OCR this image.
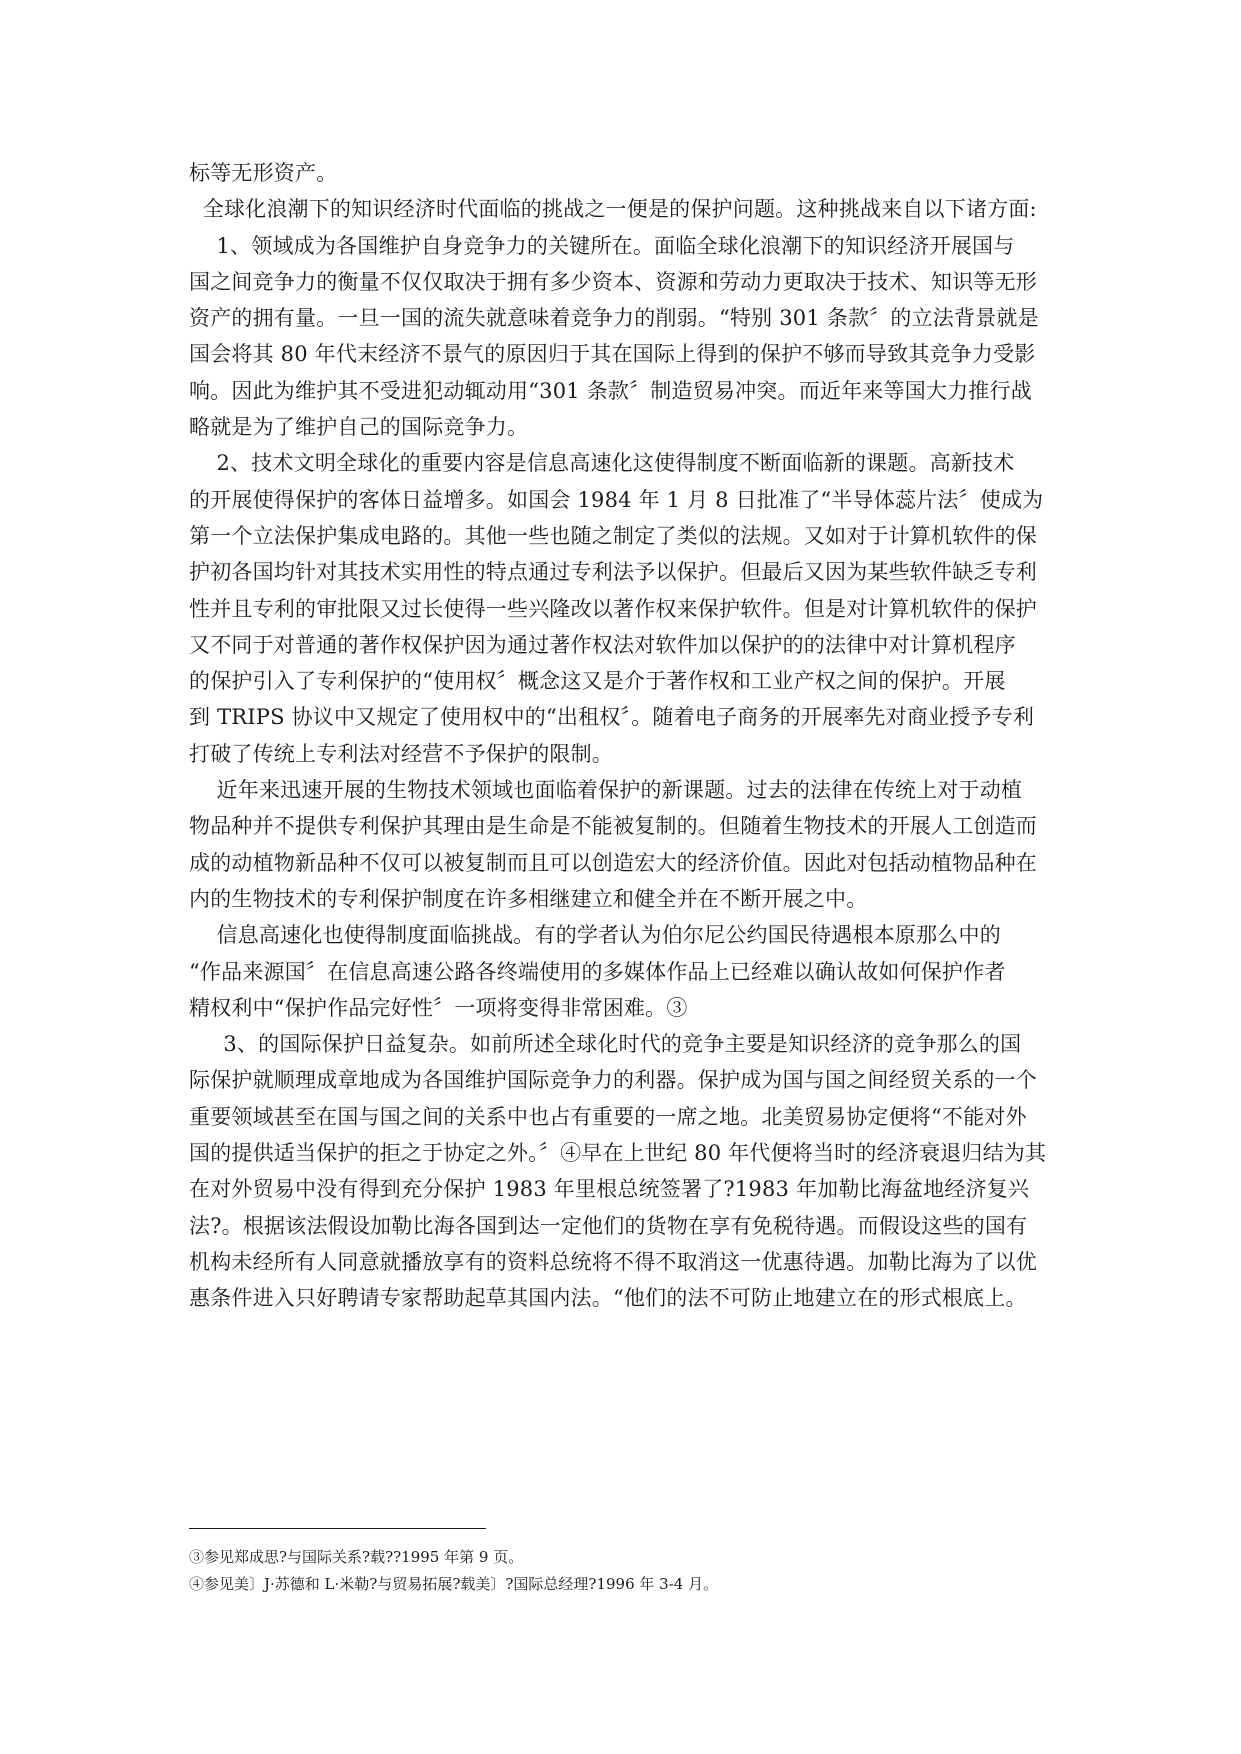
标等无形资产。
全球化浪潮下的知识经济时代面临的挑战之一便是的保护问题。这种挑战来自以下诸方面:
1、领域成为各国维护自身竞争力的关键所在。面临全球化浪潮下的知识经济开展国与
国之间竞争力的衡量不仅仅取决于拥有多少资本、资源和劳动力更取决于技术、知识等无形
资产的拥有量。一旦一国的流失就意味着竞争力的削弱。“特别 301 条款〞的立法背景就是
国会将其 80 年代末经济不景气的原因归于其在国际上得到的保护不够而导致其竞争力受影
响。因此为维护其不受进犯动辄动用“301 条款〞制造贸易冲突。而近年来等国大力推行战
略就是为了维护自己的国际竞争力。
2、技术文明全球化的重要内容是信息高速化这使得制度不断面临新的课题。高新技术
的开展使得保护的客体日益增多。如国会 1984 年 1 月 8 日批准了“半导体蕊片法〞使成为
第一个立法保护集成电路的。其他一些也随之制定了类似的法规。又如对于计算机软件的保
护初各国均针对其技术实用性的特点通过专利法予以保护。但最后又因为某些软件缺乏专利
性并且专利的审批限又过长使得一些兴隆改以著作权来保护软件。但是对计算机软件的保护
又不同于对普通的著作权保护因为通过著作权法对软件加以保护的的法律中对计算机程序
的保护引入了专利保护的“使用权〞概念这又是介于著作权和工业产权之间的保护。开展
到 TRIPS 协议中又规定了使用权中的“出租权〞。随着电子商务的开展率先对商业授予专利
打破了传统上专利法对经营不予保护的限制。
近年来迅速开展的生物技术领域也面临着保护的新课题。过去的法律在传统上对于动植
物品种并不提供专利保护其理由是生命是不能被复制的。但随着生物技术的开展人工创造而
成的动植物新品种不仅可以被复制而且可以创造宏大的经济价值。因此对包括动植物品种在
内的生物技术的专利保护制度在许多相继建立和健全并在不断开展之中。
信息高速化也使得制度面临挑战。有的学者认为伯尔尼公约国民待遇根本原那么中的
“作品来源国〞在信息高速公路各终端使用的多媒体作品上已经难以确认故如何保护作者
精权利中“保护作品完好性〞一项将变得非常困难。③
3、的国际保护日益复杂。如前所述全球化时代的竞争主要是知识经济的竞争那么的国
际保护就顺理成章地成为各国维护国际竞争力的利器。保护成为国与国之间经贸关系的一个
重要领域甚至在国与国之间的关系中也占有重要的一席之地。北美贸易协定便将“不能对外
国的提供适当保护的拒之于协定之外。〞④早在上世纪 80 年代便将当时的经济衰退归结为其
在对外贸易中没有得到充分保护 1983 年里根总统签署了?1983 年加勒比海盆地经济复兴
法?。根据该法假设加勒比海各国到达一定他们的货物在享有免税待遇。而假设这些的国有
机构未经所有人同意就播放享有的资料总统将不得不取消这一优惠待遇。加勒比海为了以优
惠条件进入只好聘请专家帮助起草其国内法。“他们的法不可防止地建立在的形式根底上。
③参见郑成思?与国际关系?载??1995 年第 9 页。
④参见美〕J·苏德和 L·米勒?与贸易拓展?载美〕?国际总经理?1996 年 3-4 月。
